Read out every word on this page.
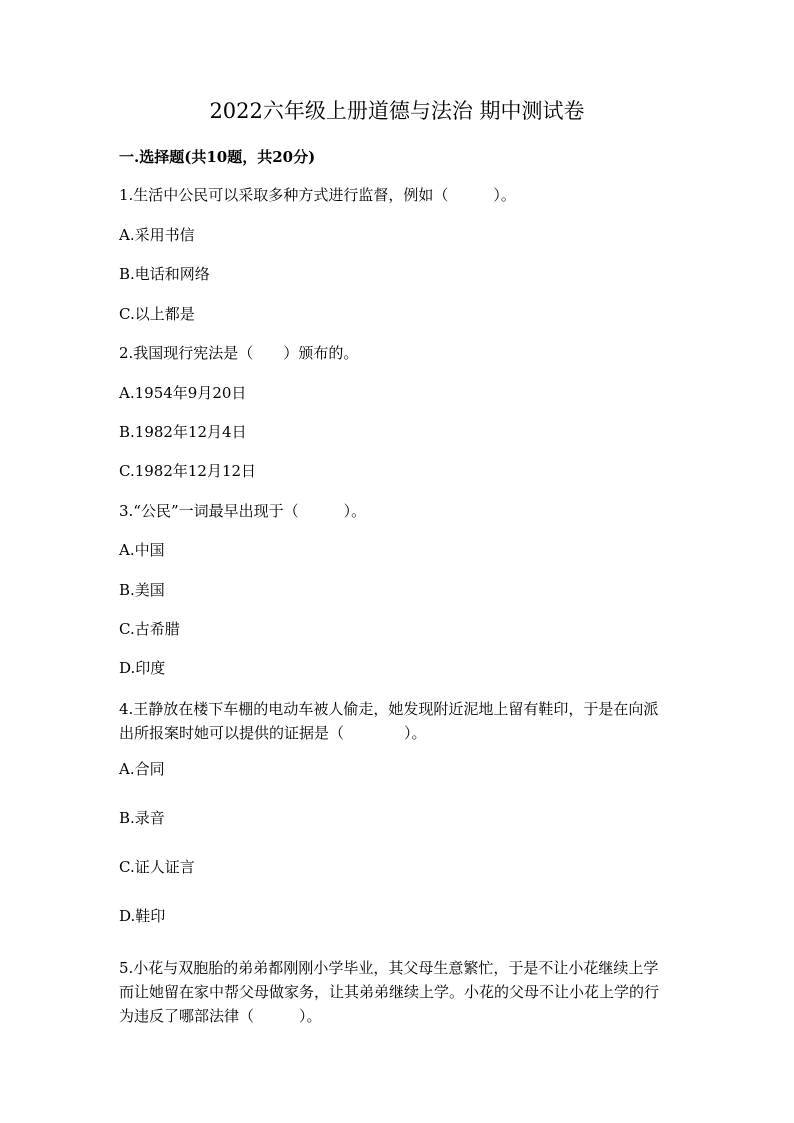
2022六年级上册道德与法治 期中测试卷
一.选择题(共10题，共20分)
1.生活中公民可以采取多种方式进行监督，例如（　　　）。
A.采用书信
B.电话和网络
C.以上都是
2.我国现行宪法是（　　）颁布的。
A.1954年9月20日
B.1982年12月4日
C.1982年12月12日
3.“公民”一词最早出现于（　　　）。
A.中国
B.美国
C.古希腊
D.印度
4.王静放在楼下车棚的电动车被人偷走，她发现附近泥地上留有鞋印，于是在向派出所报案时她可以提供的证据是（　　　　）。
A.合同
B.录音
C.证人证言
D.鞋印
5.小花与双胞胎的弟弟都刚刚小学毕业，其父母生意繁忙，于是不让小花继续上学而让她留在家中帮父母做家务，让其弟弟继续上学。小花的父母不让小花上学的行为违反了哪部法律（　　　）。
